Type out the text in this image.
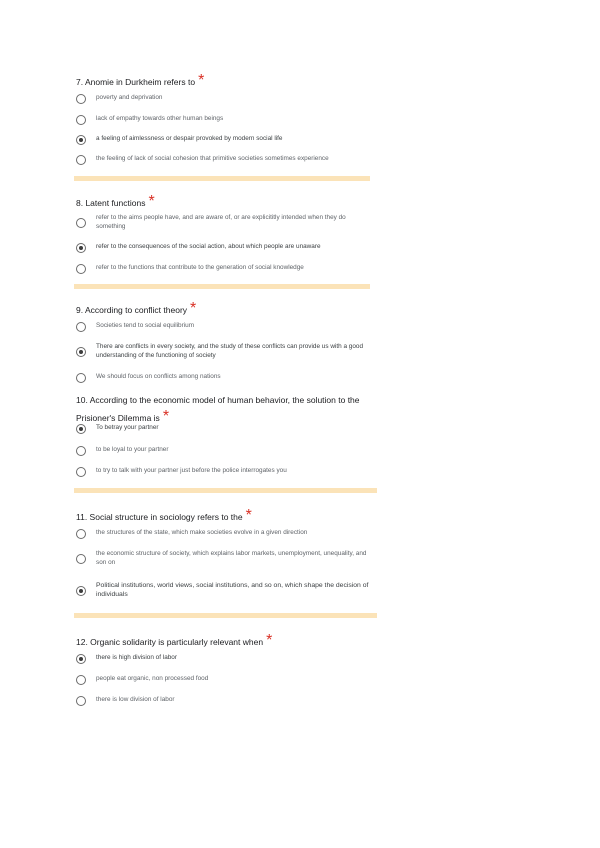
7. Anomie in Durkheim refers to *
poverty and deprivation
lack of empathy towards other human beings
a feeling of aimlessness or despair provoked by modern social life
the feeling of lack of social cohesion that primitive societies sometimes experience
8. Latent functions *
refer to the aims people have, and are aware of, or are explicititly intended when they do something
refer to the consequences of the social action, about which people are unaware
refer to the functions that contribute to the generation of social knowledge
9. According to conflict theory *
Societies tend to social equilibrium
There are conflicts in every society, and the study of these conflicts can provide us with a good understanding of the functioning of society
We should focus on conflicts among nations
10. According to the economic model of human behavior, the solution to the Prisioner's Dilemma is *
To betray your partner
to be loyal to your partner
to try to talk with your partner just before the police interrogates you
11. Social structure in sociology refers to the *
the structures of the state, which make societies evolve in a given direction
the economic structure of society, which explains labor markets, unemployment, unequality, and son on
Political institutions, world views, social institutions, and so on, which shape the decision of individuals
12. Organic solidarity is particularly relevant when *
there is high division of labor
people eat organic, non processed food
there is low division of labor
